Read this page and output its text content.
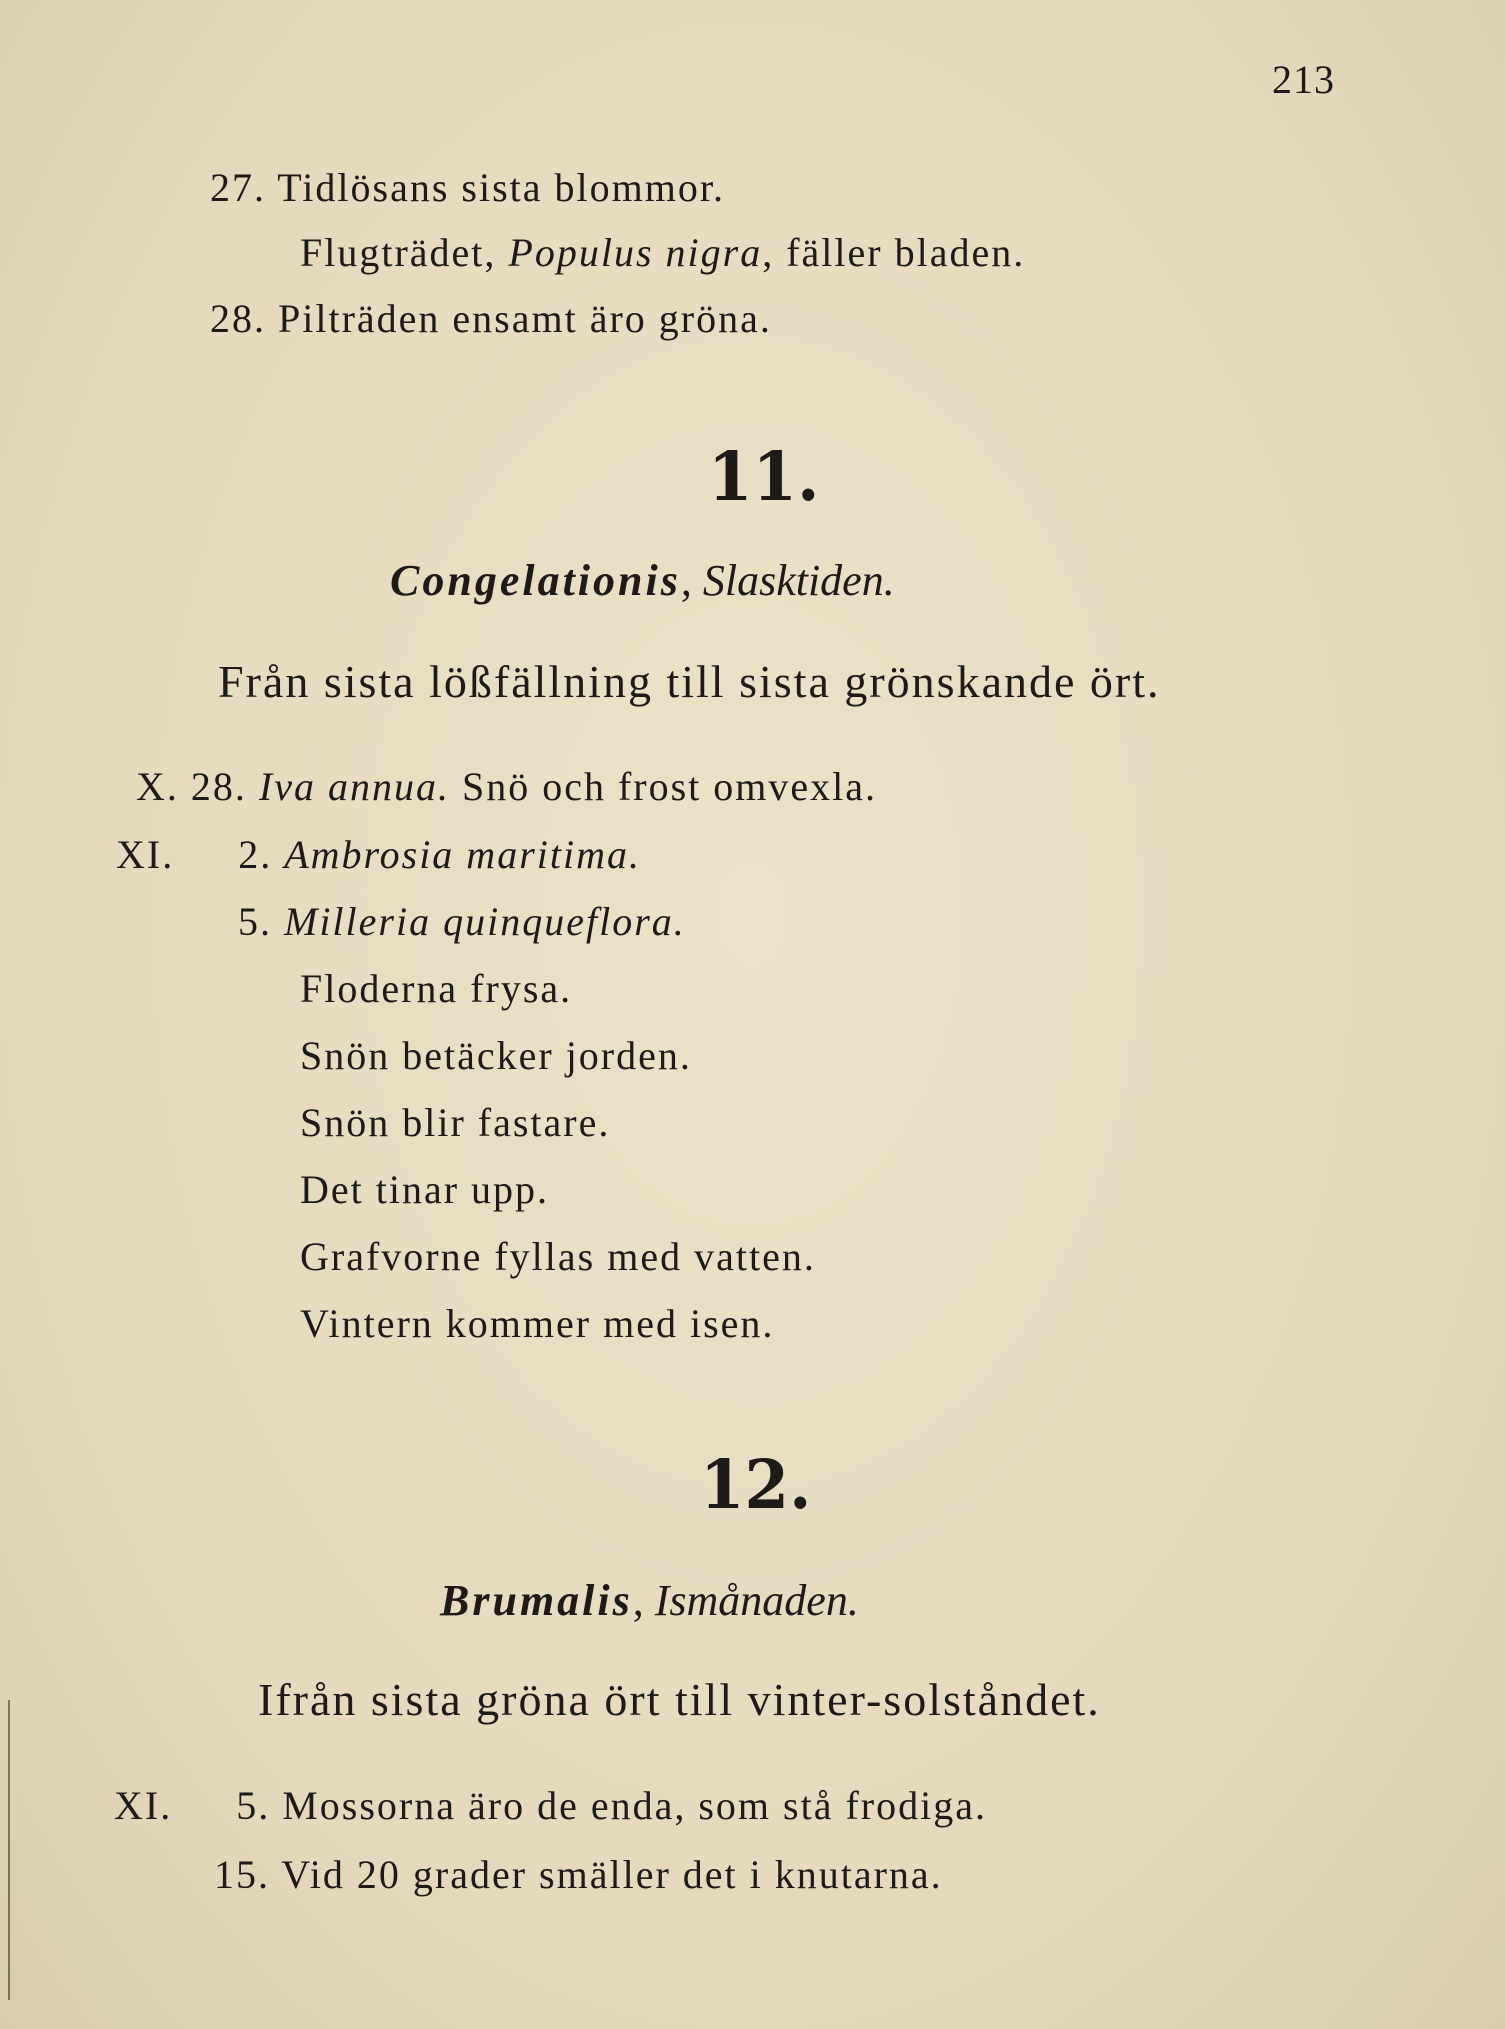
213
27. Tidlösans sista blommor.
Flugträdet, Populus nigra, fäller bladen.
28. Pilträden ensamt äro gröna.
11.
Congelationis, Slasktiden.
Från sista lößfällning till sista grönskande ört.
X. 28. Iva annua. Snö och frost omvexla.
XI. 2. Ambrosia maritima.
5. Milleria quinqueflora.
Floderna frysa.
Snön betäcker jorden.
Snön blir fastare.
Det tinar upp.
Grafvorne fyllas med vatten.
Vintern kommer med isen.
12.
Brumalis, Ismånaden.
Ifrån sista gröna ört till vinter-solståndet.
XI. 5. Mossorna äro de enda, som stå frodiga.
15. Vid 20 grader smäller det i knutarna.
